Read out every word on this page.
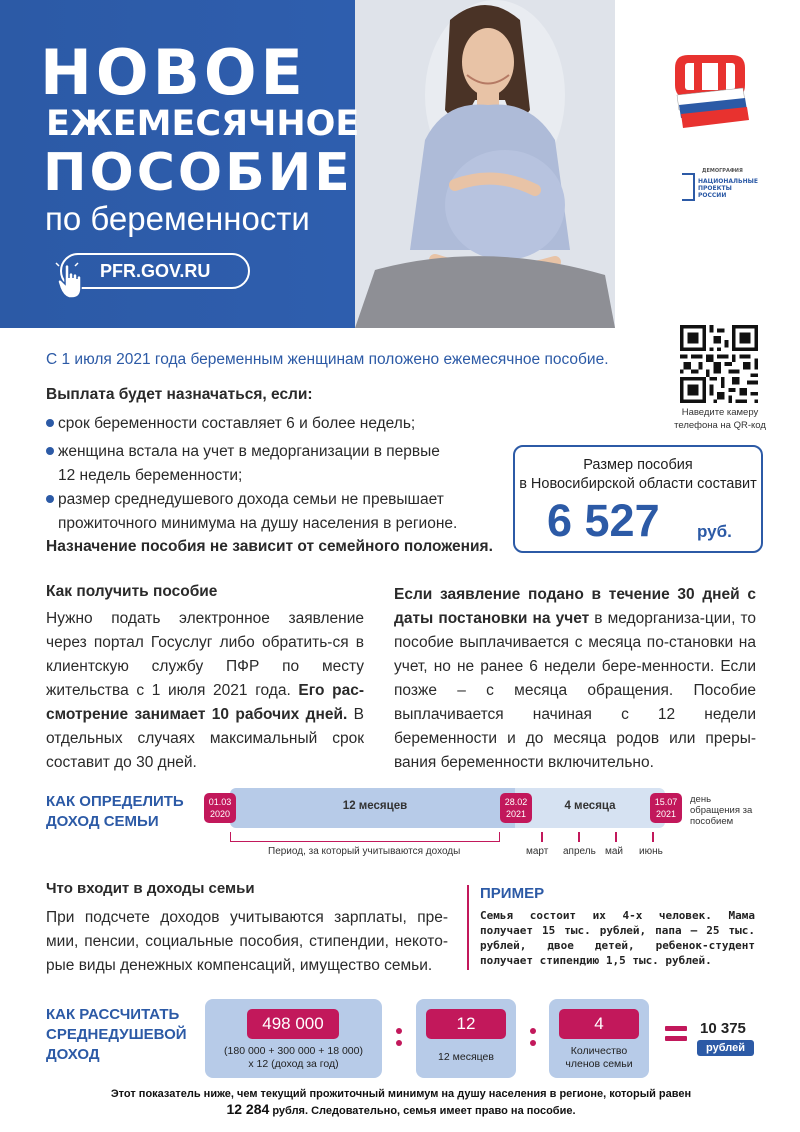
НОВОЕ
ЕЖЕМЕСЯЧНОЕ
ПОСОБИЕ
по беременности
PFR.GOV.RU
ДЕМОГРАФИЯ
НАЦИОНАЛЬНЫЕ ПРОЕКТЫ РОССИИ
Наведите камеру телефона на QR-код
С 1 июля 2021 года беременным женщинам положено ежемесячное пособие.
Выплата будет назначаться, если:
срок беременности составляет 6 и более недель;
женщина встала на учет в медорганизации в первые
12 недель беременности;
размер среднедушевого дохода семьи не превышает
прожиточного минимума на душу населения в регионе.
Назначение пособия не зависит от семейного положения.
Размер пособия
в Новосибирской области составит
6 527 руб.
Как получить пособие
Нужно подать электронное заявление через портал Госуслуг либо обратить-ся в клиентскую службу ПФР по месту жительства с 1 июля 2021 года. Его рас-смотрение занимает 10 рабочих дней. В отдельных случаях максимальный срок составит до 30 дней.
Если заявление подано в течение 30 дней с даты постановки на учет в медорганиза-ции, то пособие выплачивается с месяца по-становки на учет, но не ранее 6 недели бере-менности. Если позже – с месяца обращения. Пособие выплачивается начиная с 12 недели беременности и до месяца родов или преры-вания беременности включительно.
КАК ОПРЕДЕЛИТЬ
ДОХОД СЕМЬИ
12 месяцев	4 месяца
01.03
2020
28.02
2021
15.07
2021
день обращения за пособием
Период, за который учитываются доходы	март апрель май июнь
Что входит в доходы семьи
При подсчете доходов учитываются зарплаты, пре-мии, пенсии, социальные пособия, стипендии, некото-рые виды денежных компенсаций, имущество семьи.
ПРИМЕР
Семья состоит их 4-х человек. Мама получает 15 тыс. рублей, папа – 25 тыс. рублей, двое детей, ребенок-студент получает стипендию 1,5 тыс. рублей.
КАК РАССЧИТАТЬ
СРЕДНЕДУШЕВОЙ
ДОХОД
498 000
(180 000 + 300 000 + 18 000)
х 12 (доход за год)
12
12 месяцев
4
Количество
членов семьи
10 375
рублей
Этот показатель ниже, чем текущий прожиточный минимум на душу населения в регионе, который равен
12 284 рубля. Следовательно, семья имеет право на пособие.
